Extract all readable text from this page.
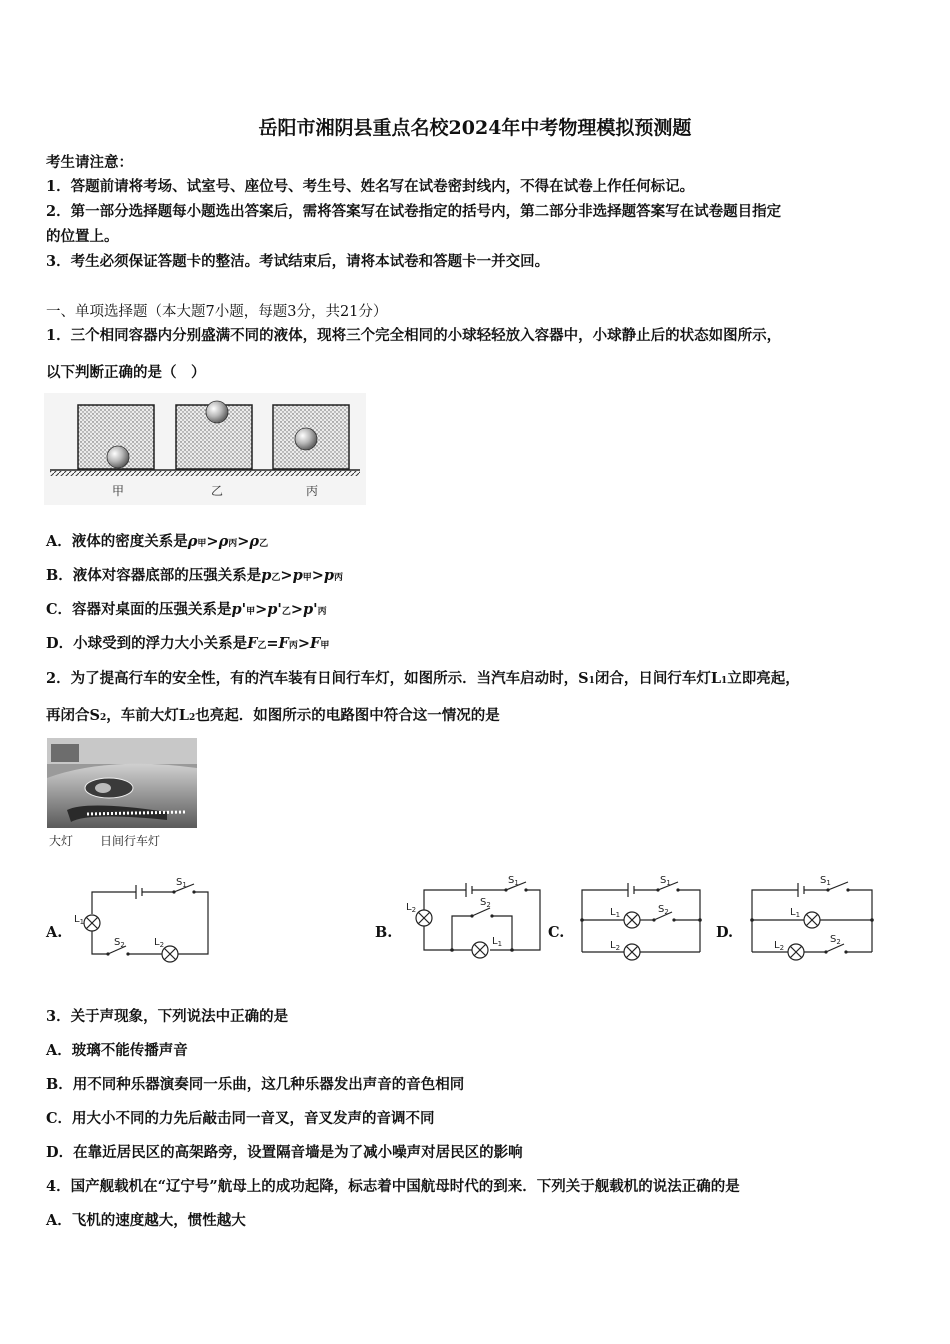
岳阳市湘阴县重点名校2024年中考物理模拟预测题
考生请注意：
1．答题前请将考场、试室号、座位号、考生号、姓名写在试卷密封线内，不得在试卷上作任何标记。
2．第一部分选择题每小题选出答案后，需将答案写在试卷指定的括号内，第二部分非选择题答案写在试卷题目指定
的位置上。
3．考生必须保证答题卡的整洁。考试结束后，请将本试卷和答题卡一并交回。
一、单项选择题（本大题7小题，每题3分，共21分）
1．三个相同容器内分别盛满不同的液体，现将三个完全相同的小球轻轻放入容器中，小球静止后的状态如图所示，
以下判断正确的是（　）
甲	乙	丙
A．液体的密度关系是ρ甲>ρ丙>ρ乙
B．液体对容器底部的压强关系是p乙>p甲>p丙
C．容器对桌面的压强关系是p'甲>p'乙>p'丙
D．小球受到的浮力大小关系是F乙=F丙>F甲
2．为了提高行车的安全性，有的汽车装有日间行车灯，如图所示．当汽车启动时，S1闭合，日间行车灯L1立即亮起，
再闭合S2，车前大灯L2也亮起．如图所示的电路图中符合这一情况的是
大灯 日间行车灯
A.	B.	C.	D.
$S_1$
$L_1$
$S_2$	$L_2$
$S_1$
$L_2$
$S_2$
$L_1$
$S_1$
$L_1$	$S_2$
$L_2$
$S_1$
$L_1$
$L_2$
$S_2$
3．关于声现象，下列说法中正确的是
A．玻璃不能传播声音
B．用不同种乐器演奏同一乐曲，这几种乐器发出声音的音色相同
C．用大小不同的力先后敲击同一音叉，音叉发声的音调不同
D．在靠近居民区的高架路旁，设置隔音墙是为了减小噪声对居民区的影响
4．国产舰载机在“辽宁号”航母上的成功起降，标志着中国航母时代的到来．下列关于舰载机的说法正确的是
A．飞机的速度越大，惯性越大
